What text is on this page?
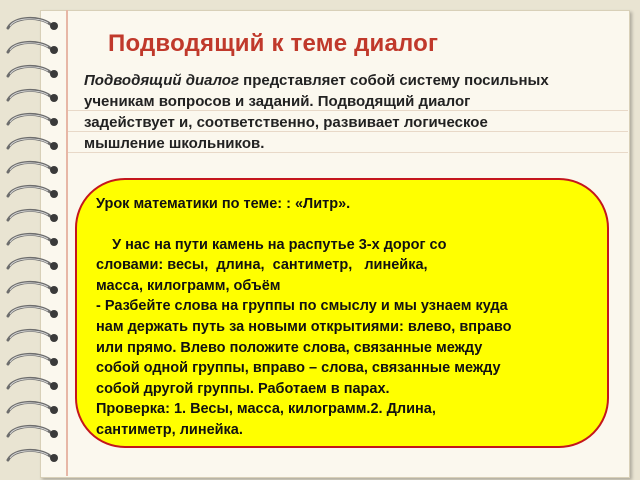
Подводящий к теме диалог
Подводящий диалог представляет собой систему посильных
ученикам вопросов и заданий. Подводящий диалог
задействует и, соответственно, развивает логическое
мышление школьников.

Урок математики по теме: : «Литр».

У нас на пути камень на распутье 3-х дорог со

словами: весы,  длина,  сантиметр,   линейка,

масса, килограмм, объём

- Разбейте слова на группы по смыслу и мы узнаем куда

нам держать путь за новыми открытиями: влево, вправо

или прямо. Влево положите слова, связанные между

собой одной группы, вправо – слова, связанные между

собой другой группы. Работаем в парах.

Проверка: 1. Весы, масса, килограмм.2. Длина,

сантиметр, линейка.
